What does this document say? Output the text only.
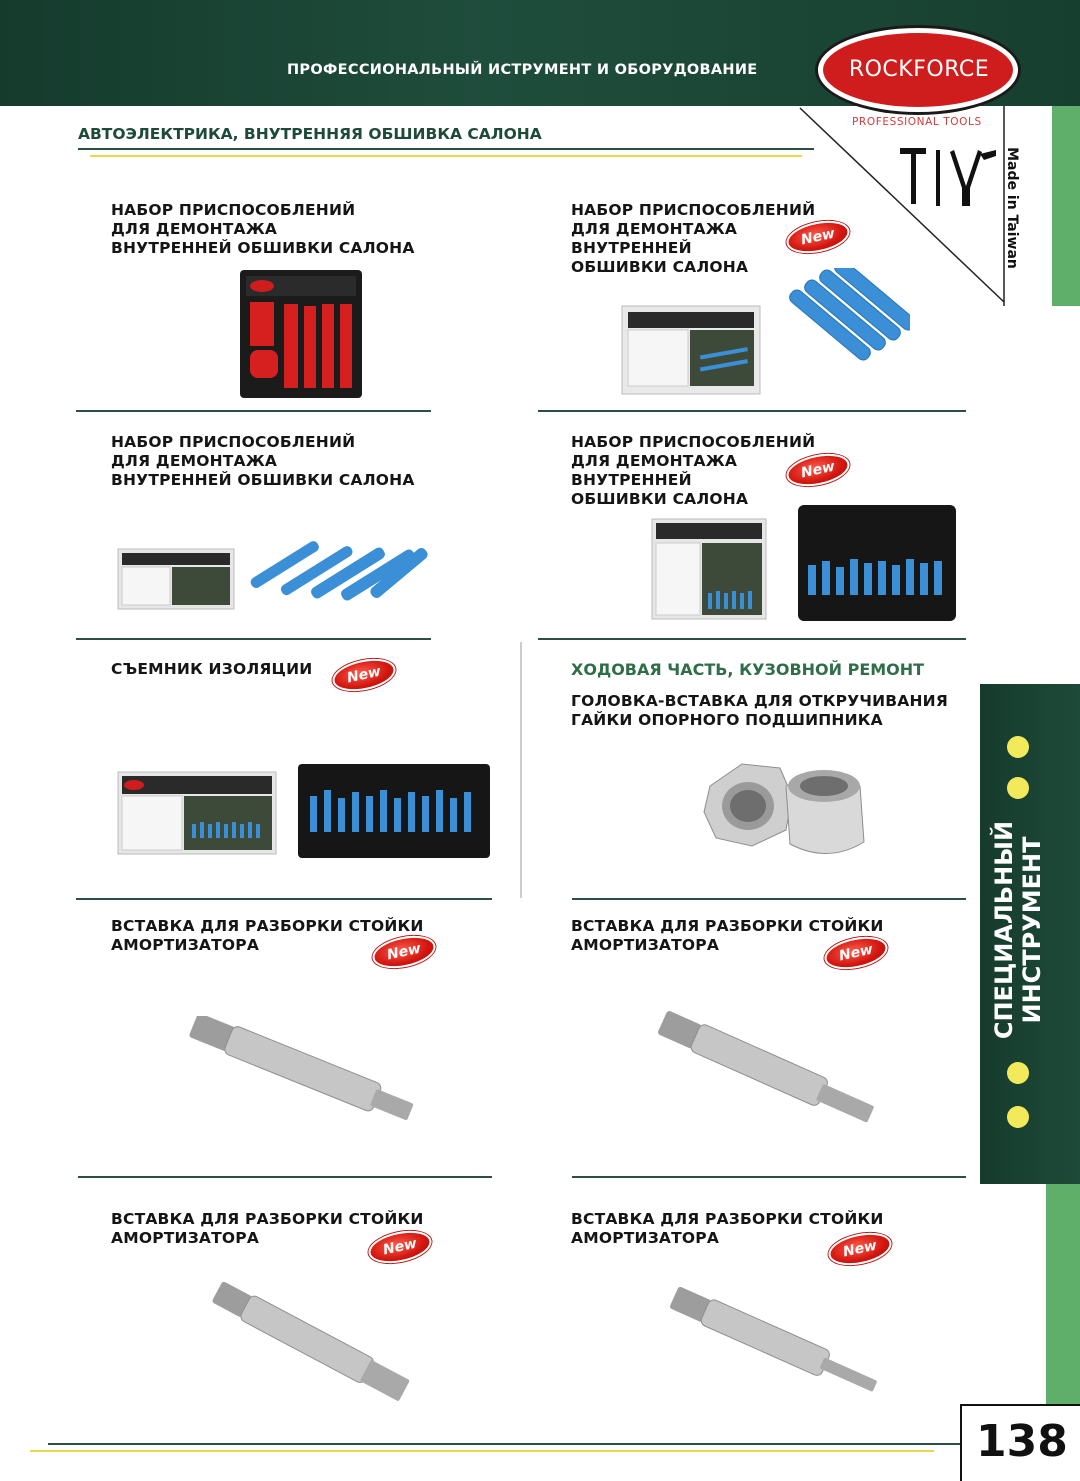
ПРОФЕССИОНАЛЬНЫЙ ИСТРУМЕНТ И ОБОРУДОВАНИЕ	ROCKFORCE
PROFESSIONAL TOOLS
Made in Taiwan
СПЕЦИАЛЬНЫЙ
ИНСТРУМЕНТ
АВТОЭЛЕКТРИКА, ВНУТРЕННЯЯ ОБШИВКА САЛОНА
НАБОР ПРИСПОСОБЛЕНИЙ
ДЛЯ ДЕМОНТАЖА
ВНУТРЕННЕЙ ОБШИВКИ САЛОНА
НАБОР ПРИСПОСОБЛЕНИЙ
ДЛЯ ДЕМОНТАЖА
ВНУТРЕННЕЙ
ОБШИВКИ САЛОНА
New
НАБОР ПРИСПОСОБЛЕНИЙ
ДЛЯ ДЕМОНТАЖА
ВНУТРЕННЕЙ ОБШИВКИ САЛОНА
НАБОР ПРИСПОСОБЛЕНИЙ
ДЛЯ ДЕМОНТАЖА
ВНУТРЕННЕЙ
ОБШИВКИ САЛОНА
New
СЪЕМНИК ИЗОЛЯЦИИ	New	ХОДОВАЯ ЧАСТЬ, КУЗОВНОЙ РЕМОНТ
ГОЛОВКА-ВСТАВКА ДЛЯ ОТКРУЧИВАНИЯ
ГАЙКИ ОПОРНОГО ПОДШИПНИКА
ВСТАВКА ДЛЯ РАЗБОРКИ СТОЙКИ
АМОРТИЗАТОРА	New
ВСТАВКА ДЛЯ РАЗБОРКИ СТОЙКИ
АМОРТИЗАТОРА	New
ВСТАВКА ДЛЯ РАЗБОРКИ СТОЙКИ
АМОРТИЗАТОРА	New
ВСТАВКА ДЛЯ РАЗБОРКИ СТОЙКИ
АМОРТИЗАТОРА	New
138
